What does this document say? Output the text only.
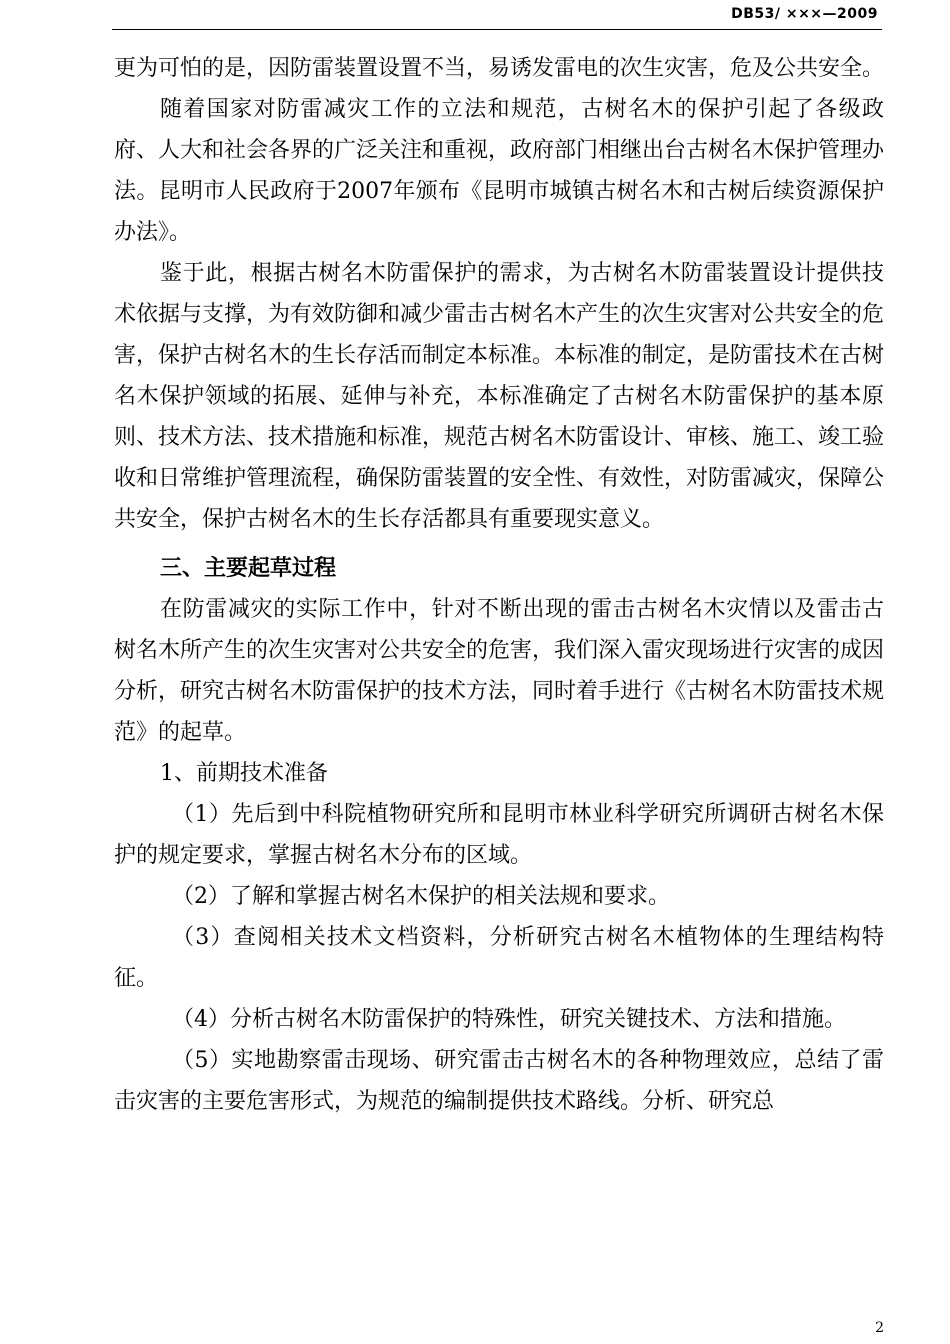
DB53/ ×××—2009

更为可怕的是，因防雷装置设置不当，易诱发雷电的次生灾害，危及公共安全。

随着国家对防雷减灾工作的立法和规范，古树名木的保护引起了各级政府、人大和社会各界的广泛关注和重视，政府部门相继出台古树名木保护管理办法。昆明市人民政府于2007年颁布《昆明市城镇古树名木和古树后续资源保护办法》。

鉴于此，根据古树名木防雷保护的需求，为古树名木防雷装置设计提供技术依据与支撑，为有效防御和减少雷击古树名木产生的次生灾害对公共安全的危害，保护古树名木的生长存活而制定本标准。本标准的制定，是防雷技术在古树名木保护领域的拓展、延伸与补充，本标准确定了古树名木防雷保护的基本原则、技术方法、技术措施和标准，规范古树名木防雷设计、审核、施工、竣工验收和日常维护管理流程，确保防雷装置的安全性、有效性，对防雷减灾，保障公共安全，保护古树名木的生长存活都具有重要现实意义。

三、主要起草过程

在防雷减灾的实际工作中，针对不断出现的雷击古树名木灾情以及雷击古树名木所产生的次生灾害对公共安全的危害，我们深入雷灾现场进行灾害的成因分析，研究古树名木防雷保护的技术方法，同时着手进行《古树名木防雷技术规范》的起草。

1、前期技术准备

（1）先后到中科院植物研究所和昆明市林业科学研究所调研古树名木保护的规定要求，掌握古树名木分布的区域。

（2）了解和掌握古树名木保护的相关法规和要求。

（3）查阅相关技术文档资料，分析研究古树名木植物体的生理结构特征。

（4）分析古树名木防雷保护的特殊性，研究关键技术、方法和措施。

（5）实地勘察雷击现场、研究雷击古树名木的各种物理效应，总结了雷击灾害的主要危害形式，为规范的编制提供技术路线。分析、研究总

2
